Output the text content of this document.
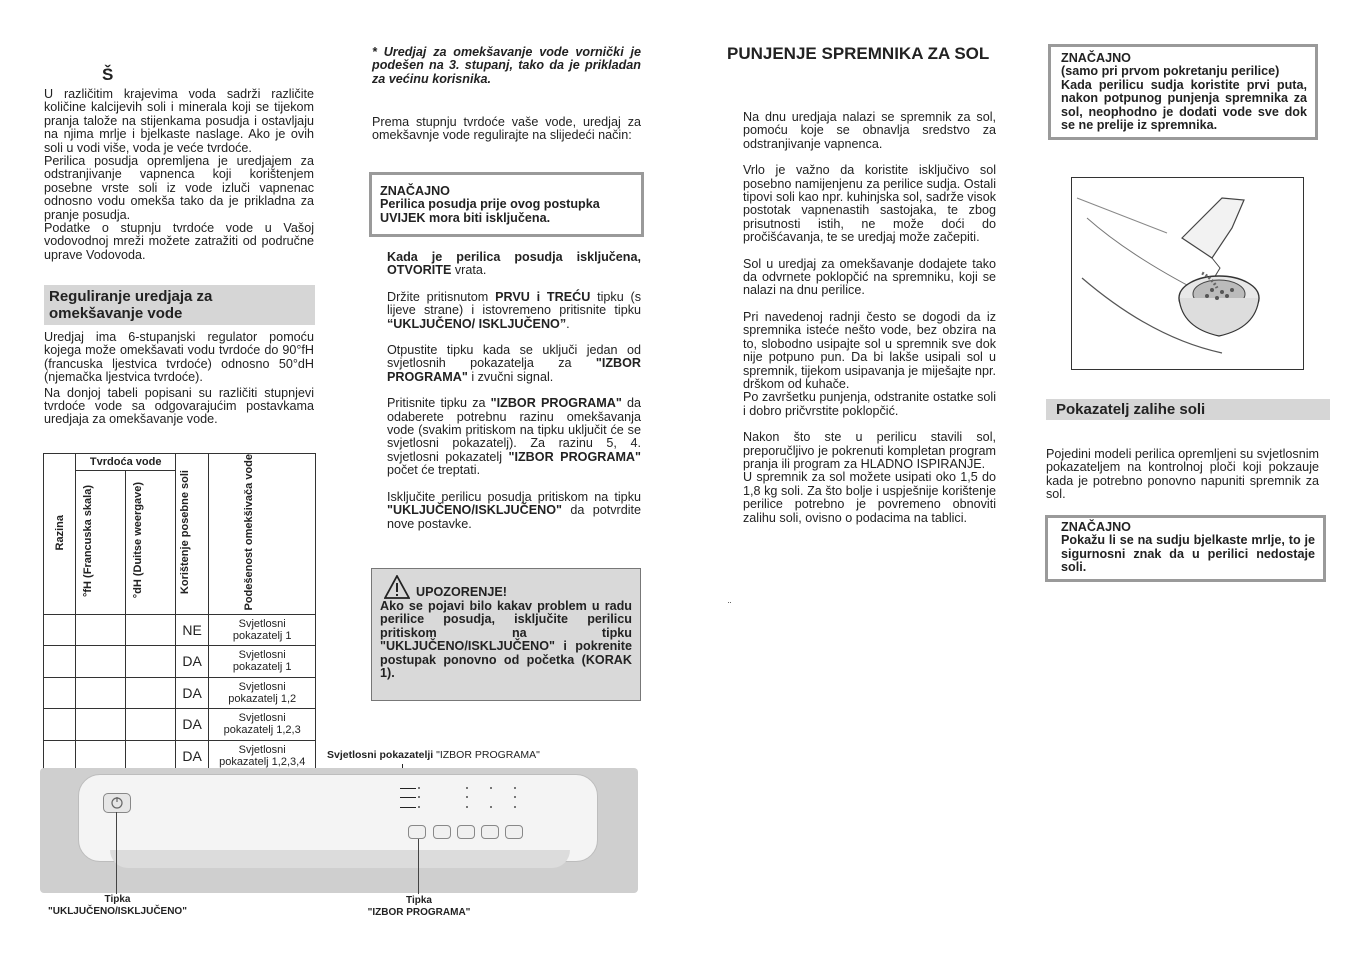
Š

U različitim krajevima voda sadrži različite količine kalcijevih soli i minerala koji se tijekom pranja talože na stijenkama posudja i ostavljaju na njima mrlje i bjelkaste naslage. Ako je ovih soli u vodi više, voda je veće tvrdoće.

Perilica posudja opremljena je uredjajem za odstranjivanje vapnenca koji korištenjem posebne vrste soli iz vode izluči vapnenac odnosno vodu omekša tako da je prikladna za pranje posudja.

Podatke o stupnju tvrdoće vode u Vašoj vodovodnoj mreži možete zatražiti od područne uprave Vodovoda.

Reguliranje uredjaja za omekšavanje vode

Uredjaj ima 6-stupanjski regulator pomoću kojega može omekšavati vodu tvrdoće do 90°fH (francuska ljestvica tvrdoće) odnosno 50°dH (njemačka ljestvica tvrdoće).

Na donjoj tabeli popisani su različiti stupnjevi tvrdoće vode sa odgovarajućim postavkama uredjaja za omekšavanje vode.

Razina	Tvrdoća vode		Korištenje posebne soli	Podešenost omekšivača vode
	°fH (Francuska skala)	°dH (Duitse weergave)		
			NE	Svjetlosni pokazatelj 1
			DA	Svjetlosni pokazatelj 1
			DA	Svjetlosni pokazatelj 1,2
			DA	Svjetlosni pokazatelj 1,2,3
			DA	Svjetlosni pokazatelj 1,2,3,4

* Uredjaj za omekšavanje vode vornički je podešen na 3. stupanj, tako da je prikladan za većinu korisnika.

Prema stupnju tvrdoće vaše vode, uredjaj za omekšavnje vode regulirajte na slijedeći način:

ZNAČAJNO
Perilica posudja prije ovog postupka UVIJEK mora biti isključena.

Kada je perilica posudja isključena, OTVORITE vrata.

Držite pritisnutom PRVU i TREĆU tipku (s lijeve strane) i istovremeno pritisnite tipku “UKLJUČENO/ ISKLJUČENO”.

Otpustite tipku kada se uključi jedan od svjetlosnih pokazatelja za "IZBOR PROGRAMA" i zvučni signal.

Pritisnite tipku za "IZBOR PROGRAMA" da odaberete potrebnu razinu omekšavanja vode (svakim pritiskom na tipku uključit će se svjetlosni pokazatelj). Za razinu 5, 4. svjetlosni pokazatelj "IZBOR PROGRAMA" počet će treptati.

Isključite perilicu posudja pritiskom na tipku "UKLJUČENO/ISKLJUČENO" da potvrdite nove postavke.

UPOZORENJE!
Ako se pojavi bilo kakav problem u radu perilice posudja, isključite perilicu pritiskom na tipku "UKLJUČENO/ISKLJUČENO" i pokrenite postupak ponovno od početka (KORAK 1).
Svjetlosni pokazatelji "IZBOR PROGRAMA"
Tipka
"UKLJUČENO/ISKLJUČENO"
Tipka
"IZBOR PROGRAMA"
PUNJENJE SPREMNIKA ZA SOL

Na dnu uredjaja nalazi se spremnik za sol, pomoću koje se obnavlja sredstvo za odstranjivanje vapnenca.

Vrlo je važno da koristite isključivo sol posebno namijenjenu za perilice sudja. Ostali tipovi soli kao npr. kuhinjska sol, sadrže visok postotak vapnenastih sastojaka, te zbog prisutnosti istih, ne može doći do pročišćavanja, te se uredjaj može začepiti.

Sol u uredjaj za omekšavanje dodajete tako da odvrnete poklopčić na spremniku, koji se nalazi na dnu perilice.

Pri navedenoj radnji često se dogodi da iz spremnika isteće nešto vode, bez obzira na to, slobodno usipajte sol u spremnik sve dok nije potpuno pun. Da bi lakše usipali sol u spremnik, tijekom usipavanja je miješajte npr. drškom od kuhače.

Po završetku punjenja, odstranite ostatke soli i dobro pričvrstite poklopčić.

Nakon što ste u perilicu stavili sol, preporučljivo je pokrenuti kompletan program pranja ili program za HLADNO ISPIRANJE.

U spremnik za sol možete usipati oko 1,5 do 1,8 kg soli. Za što bolje i uspješnije korištenje perilice potrebno je povremeno obnoviti zalihu soli, ovisno o podacima na tablici.

¨
ZNAČAJNO
(samo pri prvom pokretanju perilice)
Kada perilicu sudja koristite prvi puta, nakon potpunog punjenja spremnika za sol, neophodno je dodati vode sve dok se ne prelije iz spremnika.
Pokazatelj zalihe soli

Pojedini modeli perilica opremljeni su svjetlosnim pokazateljem na kontrolnoj ploči koji pokzauje kada je potrebno ponovno napuniti spremnik za sol.

ZNAČAJNO
Pokažu li se na sudju bjelkaste mrlje, to je sigurnosni znak da u perilici nedostaje soli.
